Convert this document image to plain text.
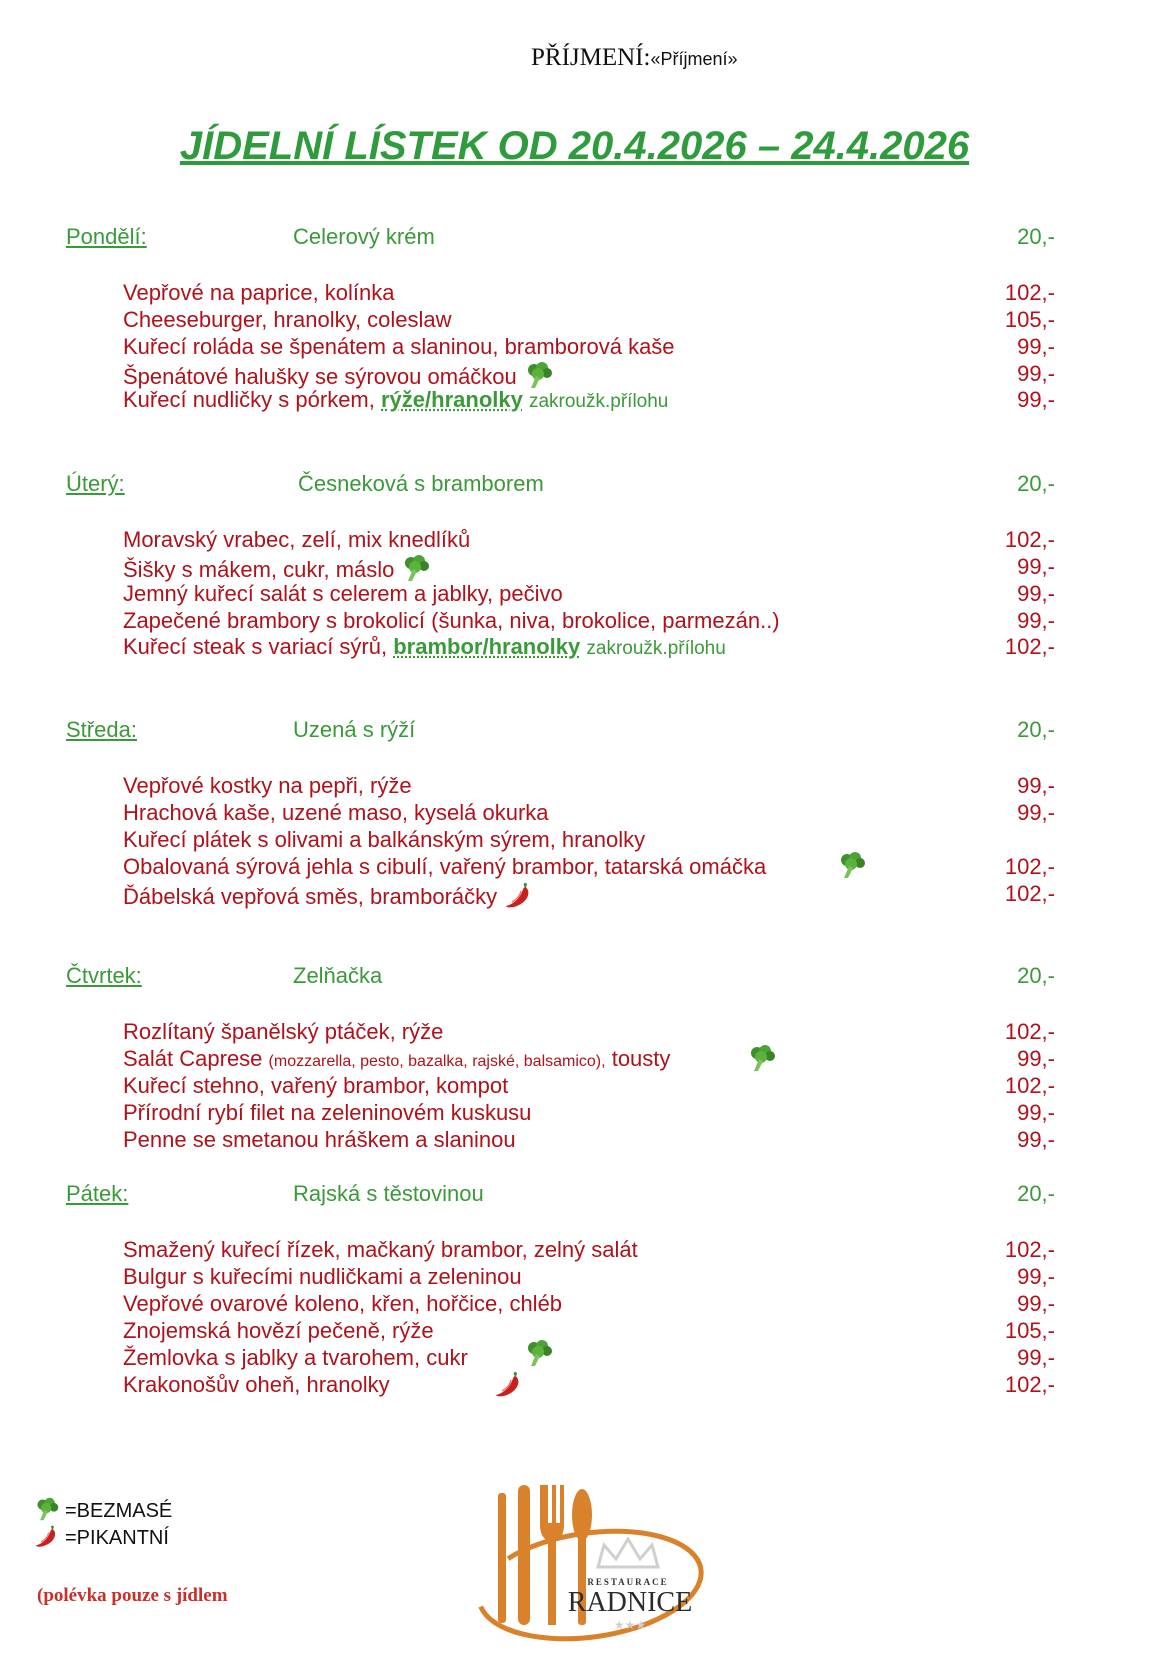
PŘÍJMENÍ:«Příjmení»
JÍDELNÍ LÍSTEK OD 20.4.2026 – 24.4.2026
Pondělí:	Celerový krém	20,-
Vepřové na paprice, kolínka	102,-
Cheeseburger, hranolky, coleslaw	105,-
Kuřecí roláda se špenátem a slaninou, bramborová kaše	99,-
Špenátové halušky se sýrovou omáčkou	99,-
Kuřecí nudličky s pórkem, rýže/hranolky zakroužk.přílohu	99,-
Úterý:	Česneková s bramborem	20,-
Moravský vrabec, zelí, mix knedlíků	102,-
Šišky s mákem, cukr, máslo	99,-
Jemný kuřecí salát s celerem a jablky, pečivo	99,-
Zapečené brambory s brokolicí (šunka, niva, brokolice, parmezán..)	99,-
Kuřecí steak s variací sýrů, brambor/hranolky zakroužk.přílohu	102,-
Středa:	Uzená s rýží	20,-
Vepřové kostky na pepři, rýže	99,-
Hrachová kaše, uzené maso, kyselá okurka	99,-
Kuřecí plátek s olivami a balkánským sýrem, hranolky
Obalovaná sýrová jehla s cibulí, vařený brambor, tatarská omáčka	102,-
Ďábelská vepřová směs, bramboráčky	102,-
Čtvrtek:	Zelňačka	20,-
Rozlítaný španělský ptáček, rýže	102,-
Salát Caprese (mozzarella, pesto, bazalka, rajské, balsamico), tousty	99,-
Kuřecí stehno, vařený brambor, kompot	102,-
Přírodní rybí filet na zeleninovém kuskusu	99,-
Penne se smetanou hráškem a slaninou	99,-
Pátek:	Rajská s těstovinou	20,-
Smažený kuřecí řízek, mačkaný brambor, zelný salát	102,-
Bulgur s kuřecími nudličkami a zeleninou	99,-
Vepřové ovarové koleno, křen, hořčice, chléb	99,-
Znojemská hovězí pečeně, rýže	105,-
Žemlovka s jablky a tvarohem, cukr	99,-
Krakonošův oheň, hranolky	102,-
=BEZMASÉ
=PIKANTNÍ
(polévka pouze s jídlem
RESTAURACE
RADNICE
★★★
